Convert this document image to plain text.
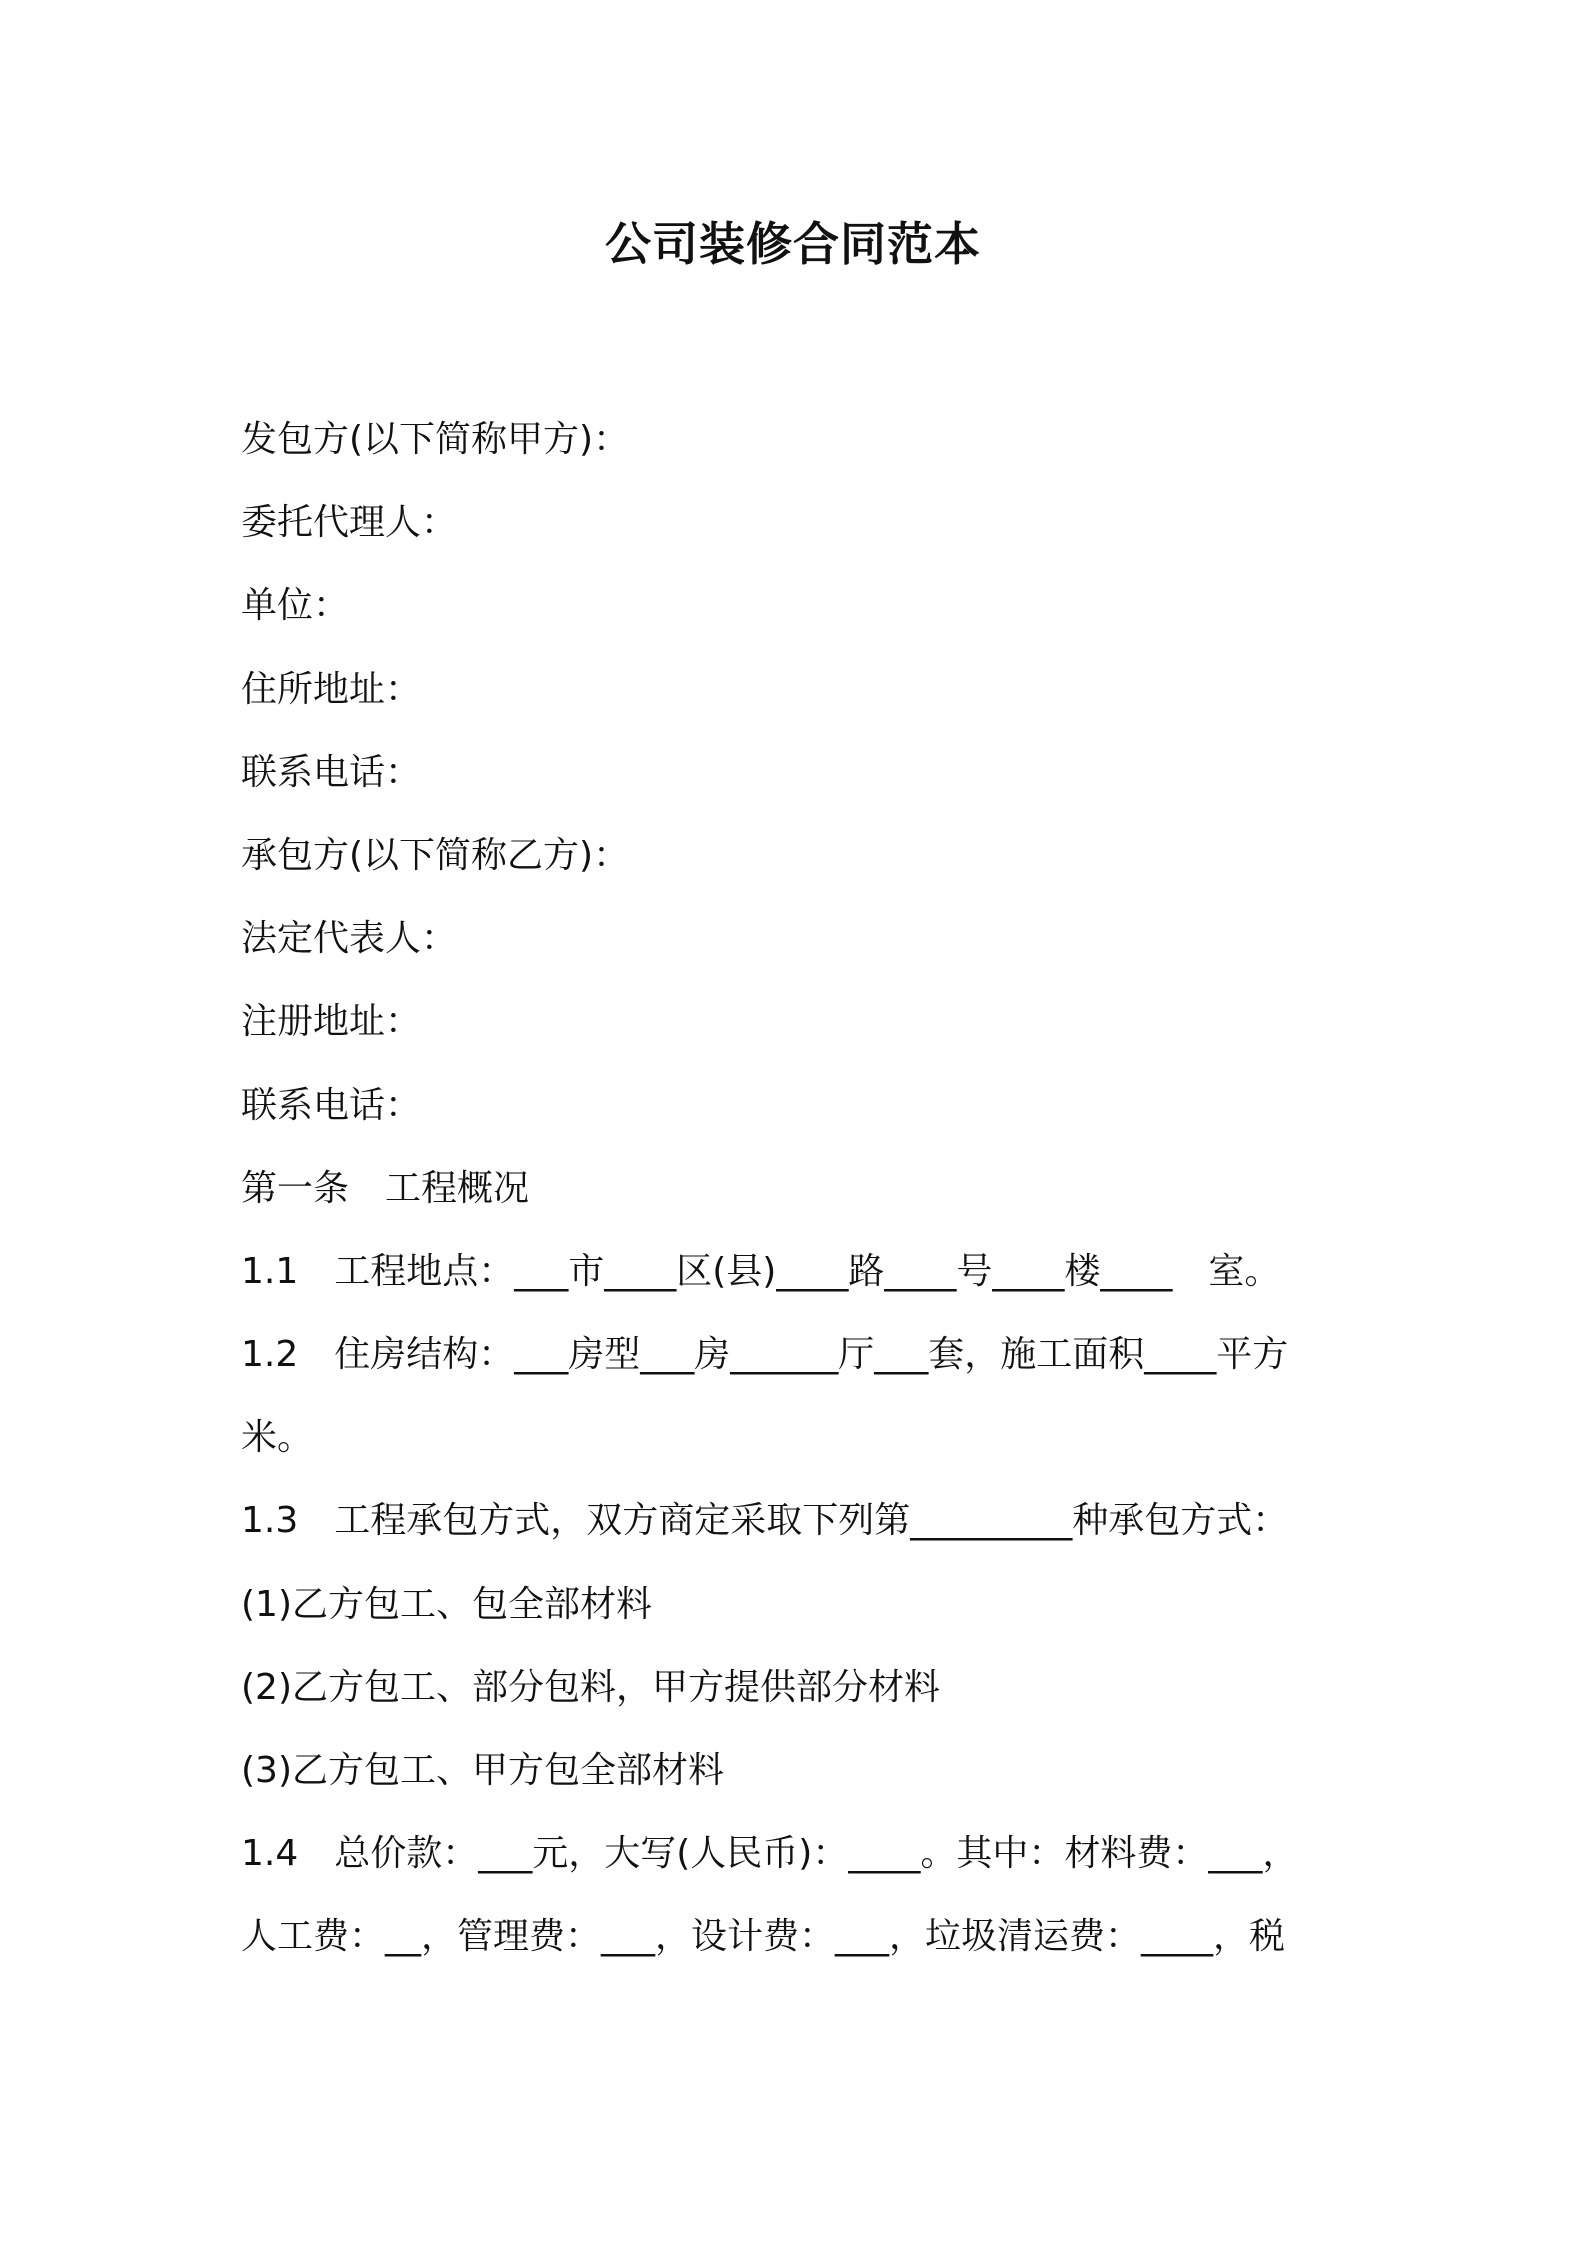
公司装修合同范本
发包方(以下简称甲方)：
委托代理人：
单位：
住所地址：
联系电话：
承包方(以下简称乙方)：
法定代表人：
注册地址：
联系电话：
第一条　工程概况
1.1　工程地点：___市____区(县)____路____号____楼____　室。
1.2　住房结构：___房型___房______厅___套，施工面积____平方
米。
1.3　工程承包方式，双方商定采取下列第_________种承包方式：
(1)乙方包工、包全部材料
(2)乙方包工、部分包料，甲方提供部分材料
(3)乙方包工、甲方包全部材料
1.4　总价款：___元，大写(人民币)：____。其中：材料费：___，
人工费：__，管理费：___，设计费：___，垃圾清运费：____，税
